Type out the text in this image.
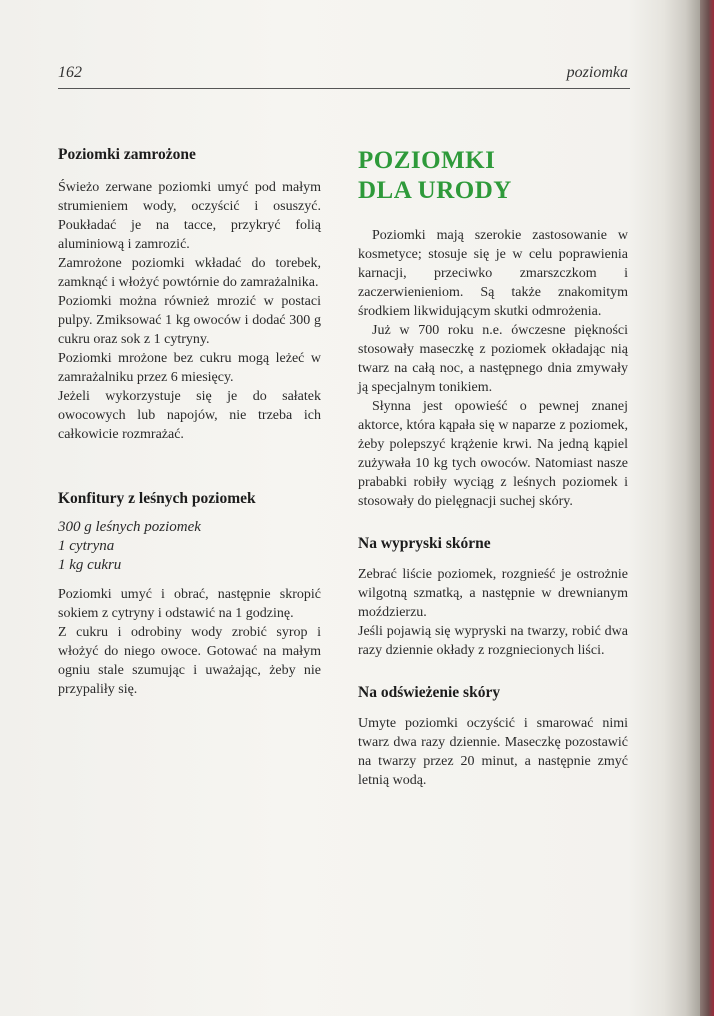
162	poziomka
Poziomki zamrożone

Świeżo zerwane poziomki umyć pod małym strumieniem wody, oczyścić i osuszyć. Poukładać je na tacce, przykryć folią aluminiową i zamrozić.

Zamrożone poziomki wkładać do torebek, zamknąć i włożyć powtórnie do zamrażalnika.

Poziomki można również mrozić w postaci pulpy. Zmiksować 1 kg owoców i dodać 300 g cukru oraz sok z 1 cytryny.

Poziomki mrożone bez cukru mogą leżeć w zamrażalniku przez 6 miesięcy.

Jeżeli wykorzystuje się je do sałatek owocowych lub napojów, nie trzeba ich całkowicie rozmrażać.

Konfitury z leśnych poziomek
300 g leśnych poziomek
1 cytryna
1 kg cukru

Poziomki umyć i obrać, następnie skropić sokiem z cytryny i odstawić na 1 godzinę.

Z cukru i odrobiny wody zrobić syrop i włożyć do niego owoce. Gotować na małym ogniu stale szumując i uważając, żeby nie przypaliły się.

POZIOMKI
DLA URODY

Poziomki mają szerokie zastosowanie w kosmetyce; stosuje się je w celu poprawienia karnacji, przeciwko zmarszczkom i zaczerwienieniom. Są także znakomitym środkiem likwidującym skutki odmrożenia.

Już w 700 roku n.e. ówczesne piękności stosowały maseczkę z poziomek okładając nią twarz na całą noc, a następnego dnia zmywały ją specjalnym tonikiem.

Słynna jest opowieść o pewnej znanej aktorce, która kąpała się w naparze z poziomek, żeby polepszyć krążenie krwi. Na jedną kąpiel zużywała 10 kg tych owoców. Natomiast nasze prababki robiły wyciąg z leśnych poziomek i stosowały do pielęgnacji suchej skóry.

Na wypryski skórne

Zebrać liście poziomek, rozgnieść je ostrożnie wilgotną szmatką, a następnie w drewnianym moździerzu.

Jeśli pojawią się wypryski na twarzy, robić dwa razy dziennie okłady z rozgniecionych liści.

Na odświeżenie skóry

Umyte poziomki oczyścić i smarować nimi twarz dwa razy dziennie. Maseczkę pozostawić na twarzy przez 20 minut, a następnie zmyć letnią wodą.
